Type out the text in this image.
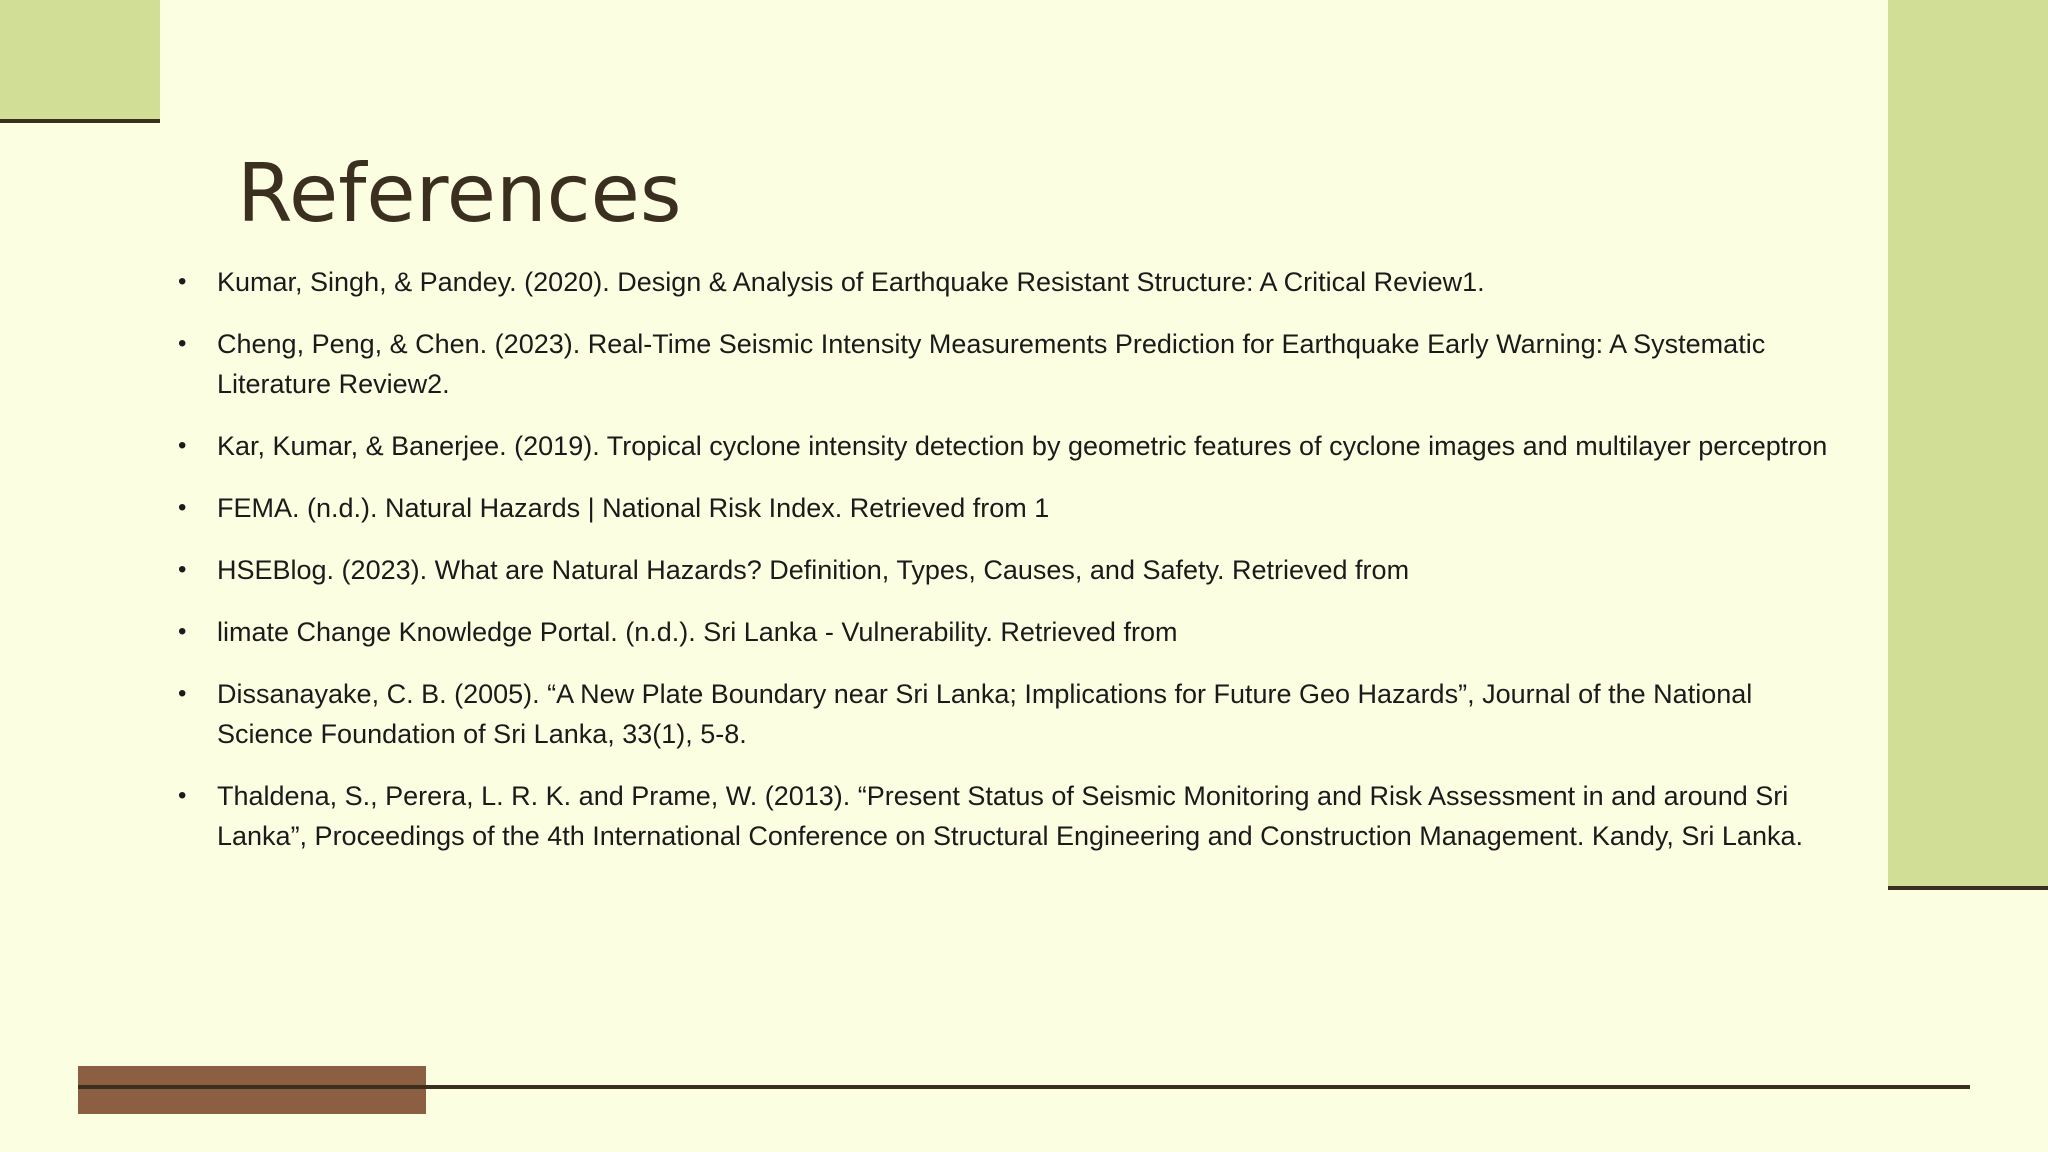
References
• Kumar, Singh, & Pandey. (2020). Design & Analysis of Earthquake Resistant Structure: A Critical Review1.
• Cheng, Peng, & Chen. (2023). Real-Time Seismic Intensity Measurements Prediction for Earthquake Early Warning: A Systematic Literature Review2.
• Kar, Kumar, & Banerjee. (2019). Tropical cyclone intensity detection by geometric features of cyclone images and multilayer perceptron
• FEMA. (n.d.). Natural Hazards | National Risk Index. Retrieved from 1
• HSEBlog. (2023). What are Natural Hazards? Definition, Types, Causes, and Safety. Retrieved from
• limate Change Knowledge Portal. (n.d.). Sri Lanka - Vulnerability. Retrieved from
• Dissanayake, C. B. (2005). “A New Plate Boundary near Sri Lanka; Implications for Future Geo Hazards”, Journal of the National Science Foundation of Sri Lanka, 33(1), 5-8.
• Thaldena, S., Perera, L. R. K. and Prame, W. (2013). “Present Status of Seismic Monitoring and Risk Assessment in and around Sri Lanka”, Proceedings of the 4th International Conference on Structural Engineering and Construction Management. Kandy, Sri Lanka.
